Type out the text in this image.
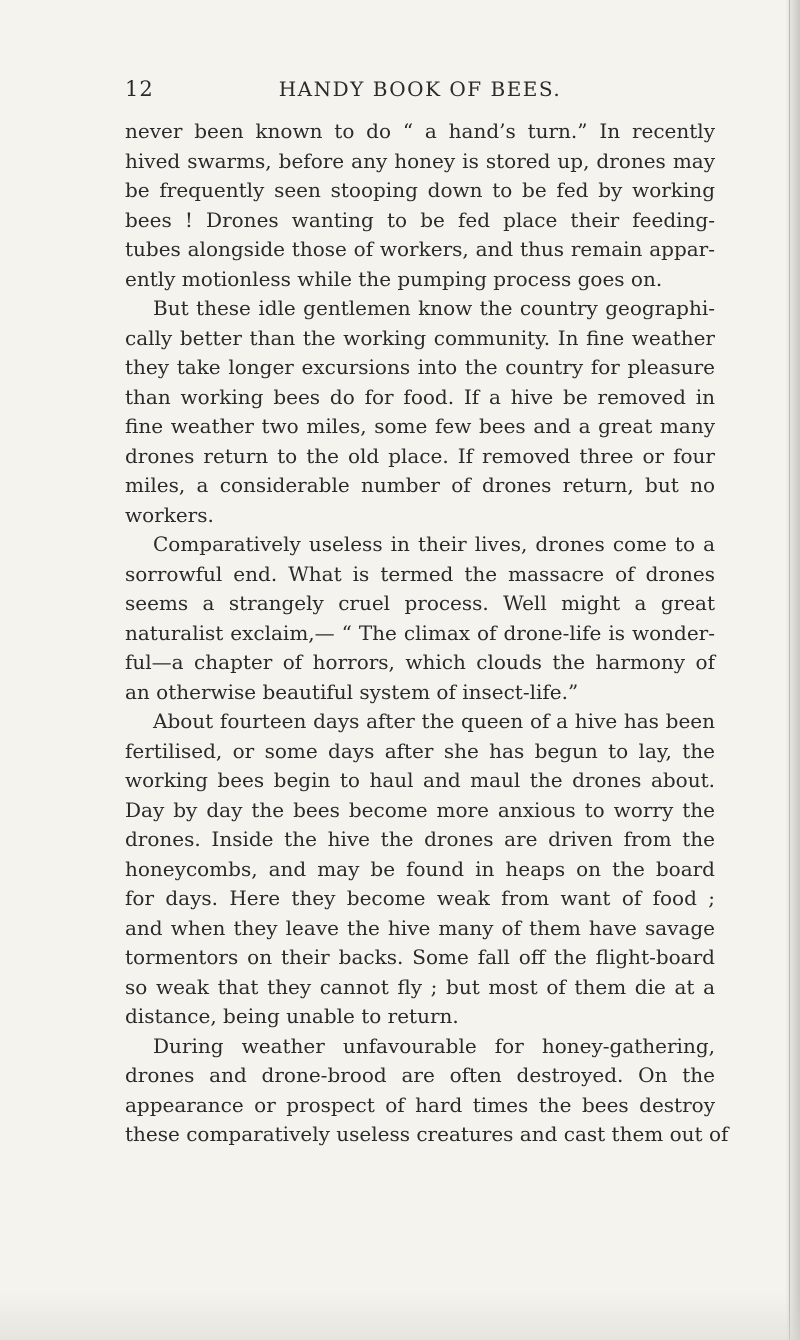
12	HANDY BOOK OF BEES.
never been known to do “ a hand’s turn.” In recently
hived swarms, before any honey is stored up, drones may
be frequently seen stooping down to be fed by working
bees ! Drones wanting to be fed place their feeding-
tubes alongside those of workers, and thus remain appar-
ently motionless while the pumping process goes on.
But these idle gentlemen know the country geographi-
cally better than the working community. In fine weather
they take longer excursions into the country for pleasure
than working bees do for food. If a hive be removed in
fine weather two miles, some few bees and a great many
drones return to the old place. If removed three or four
miles, a considerable number of drones return, but no
workers.
Comparatively useless in their lives, drones come to a
sorrowful end. What is termed the massacre of drones
seems a strangely cruel process. Well might a great
naturalist exclaim,— “ The climax of drone-life is wonder-
ful—a chapter of horrors, which clouds the harmony of
an otherwise beautiful system of insect-life.”
About fourteen days after the queen of a hive has been
fertilised, or some days after she has begun to lay, the
working bees begin to haul and maul the drones about.
Day by day the bees become more anxious to worry the
drones. Inside the hive the drones are driven from the
honeycombs, and may be found in heaps on the board
for days. Here they become weak from want of food ;
and when they leave the hive many of them have savage
tormentors on their backs. Some fall off the flight-board
so weak that they cannot fly ; but most of them die at a
distance, being unable to return.
During weather unfavourable for honey-gathering,
drones and drone-brood are often destroyed. On the
appearance or prospect of hard times the bees destroy
these comparatively useless creatures and cast them out of
